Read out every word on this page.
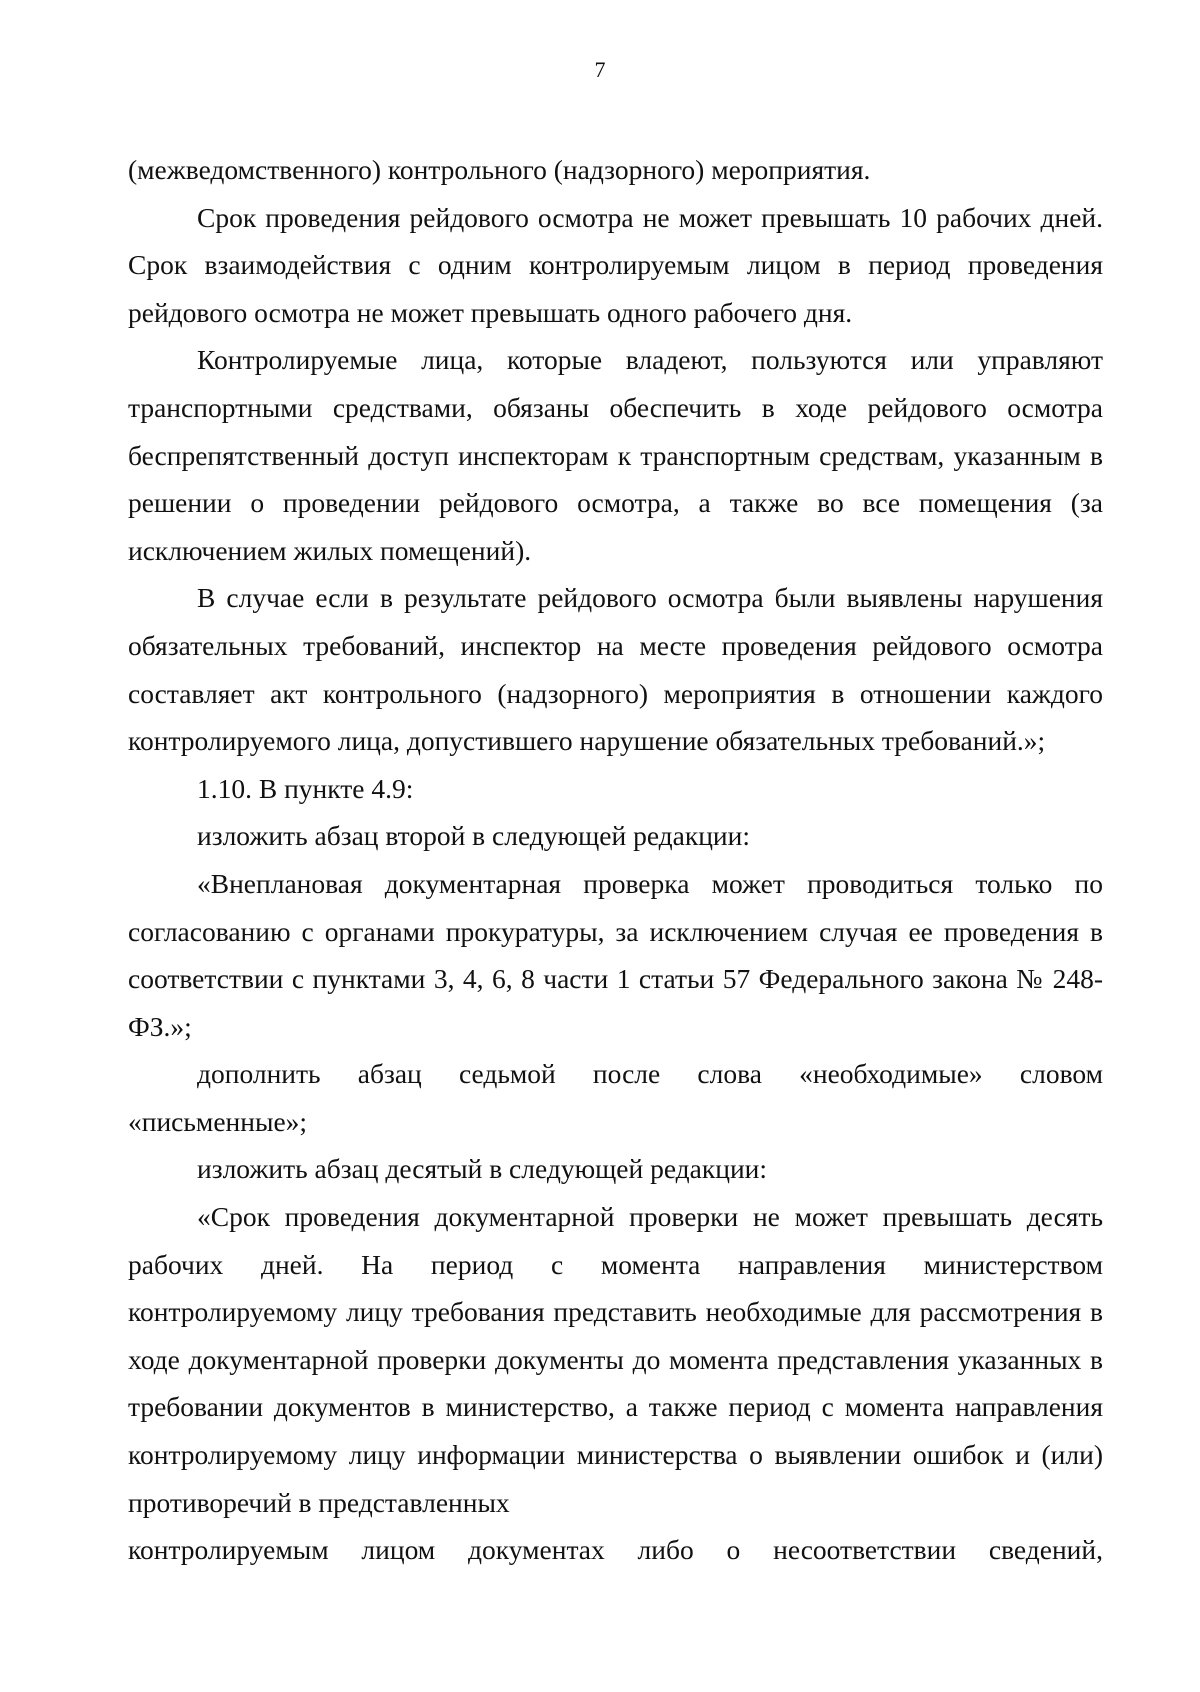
7

(межведомственного) контрольного (надзорного) мероприятия.

Срок проведения рейдового осмотра не может превышать 10 рабочих дней. Срок взаимодействия с одним контролируемым лицом в период проведения рейдового осмотра не может превышать одного рабочего дня.

Контролируемые лица, которые владеют, пользуются или управляют транспортными средствами, обязаны обеспечить в ходе рейдового осмотра беспрепятственный доступ инспекторам к транспортным средствам, указанным в решении о проведении рейдового осмотра, а также во все помещения (за исключением жилых помещений).

В случае если в результате рейдового осмотра были выявлены нарушения обязательных требований, инспектор на месте проведения рейдового осмотра составляет акт контрольного (надзорного) мероприятия в отношении каждого контролируемого лица, допустившего нарушение обязательных требований.»;

1.10. В пункте 4.9:

изложить абзац второй в следующей редакции:

«Внеплановая документарная проверка может проводиться только по согласованию с органами прокуратуры, за исключением случая ее проведения в соответствии с пунктами 3, 4, 6, 8 части 1 статьи 57 Федерального закона № 248-ФЗ.»;

дополнить абзац седьмой после слова «необходимые» словом «письменные»;

изложить абзац десятый в следующей редакции:

«Срок проведения документарной проверки не может превышать десять рабочих дней. На период с момента направления министерством контролируемому лицу требования представить необходимые для рассмотрения в ходе документарной проверки документы до момента представления указанных в требовании документов в министерство, а также период с момента направления контролируемому лицу информации министерства о выявлении ошибок и (или) противоречий в представленных

контролируемым лицом документах либо о несоответствии сведений,
